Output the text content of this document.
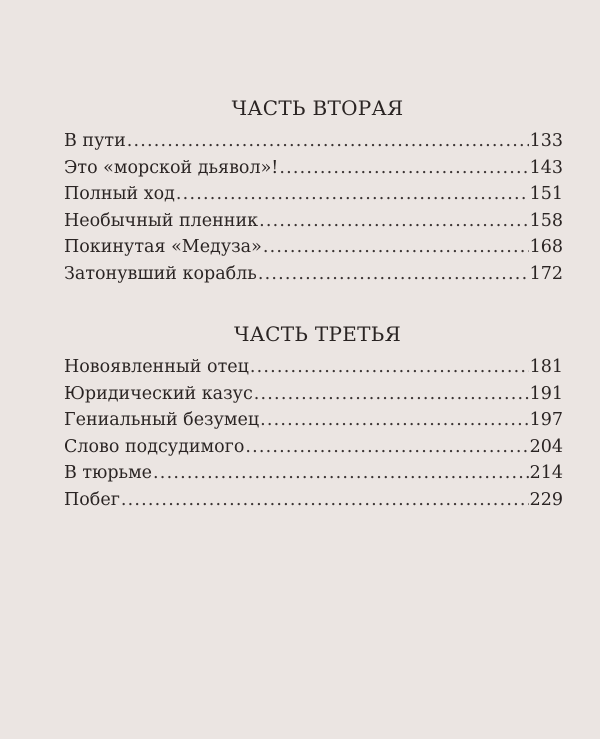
ЧАСТЬ ВТОРАЯ
В пути .....	133
Это «морской дьявол»! .....	143
Полный ход .....	151
Необычный пленник .....	158
Покинутая «Медуза» .....	168
Затонувший корабль .....	172
ЧАСТЬ ТРЕТЬЯ
Новоявленный отец .....	181
Юридический казус .....	191
Гениальный безумец .....	197
Слово подсудимого .....	204
В тюрьме .....	214
Побег .....	229
